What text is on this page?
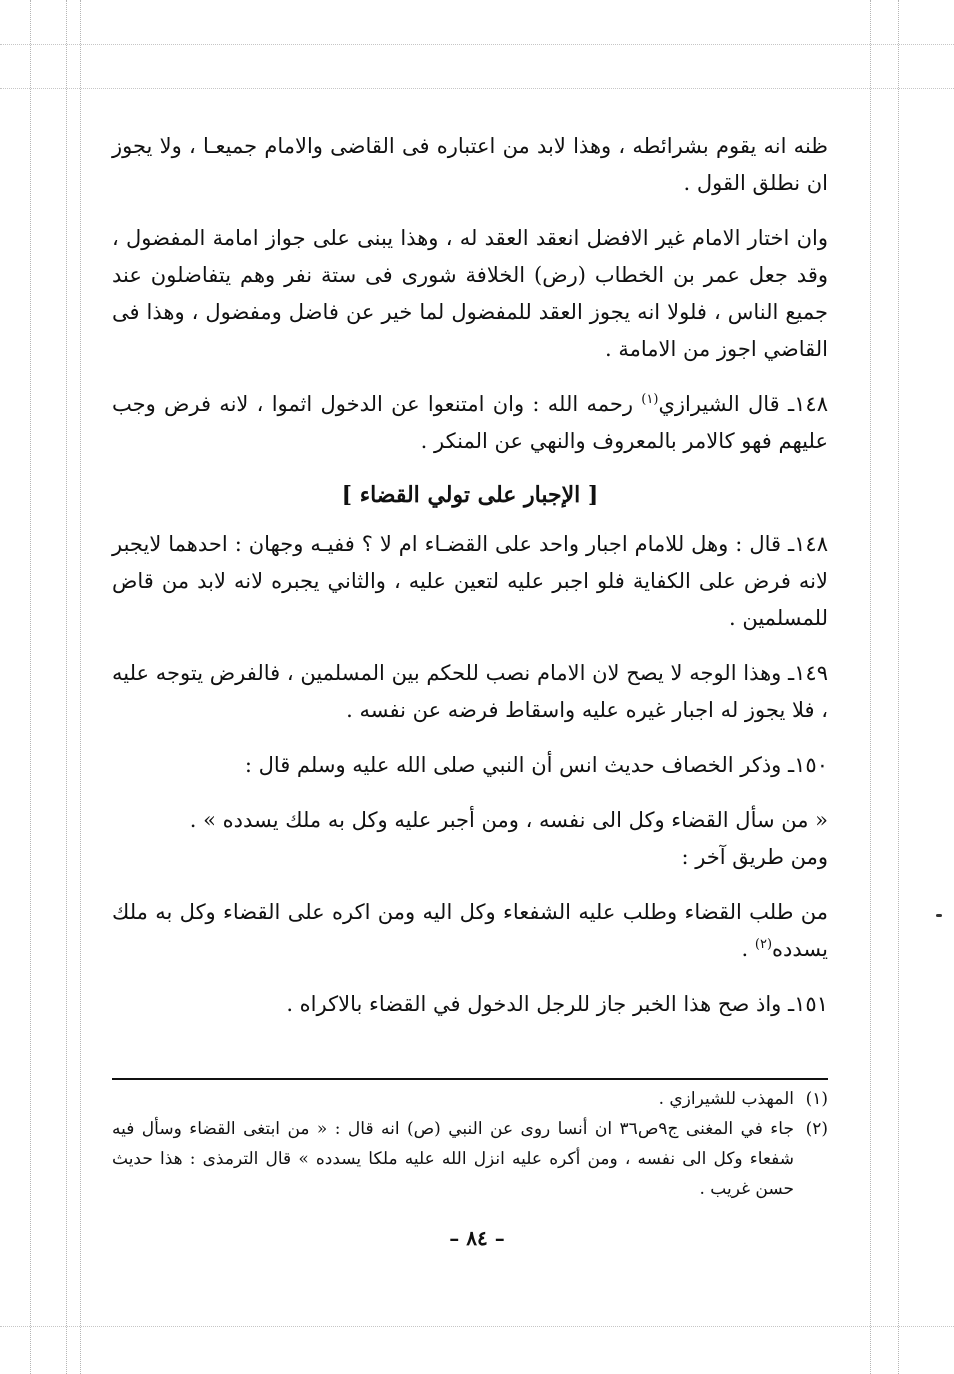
ظنه انه يقوم بشرائطه ، وهذا لابد من اعتباره فى القاضى والامام جميعـا ، ولا يجوز ان نطلق القول .

وان اختار الامام غير الافضل انعقد العقد له ، وهذا يبنى على جواز امامة المفضول ، وقد جعل عمر بن الخطاب (رض) الخلافة شورى فى ستة نفر وهم يتفاضلون عند جميع الناس ، فلولا انه يجوز العقد للمفضول لما خير عن فاضل ومفضول ، وهذا فى القاضي اجوز من الامامة .

١٤٨ـ قال الشيرازي$^{(١)}$ رحمه الله : وان امتنعوا عن الدخول اثموا ، لانه فرض وجب عليهم فهو كالامر بالمعروف والنهي عن المنكر .

[ الإجبار على تولي القضاء ]

١٤٨ـ قال : وهل للامام اجبار واحد على القضـاء ام لا ؟ ففيـه وجهان : احدهما لايجبر لانه فرض على الكفاية فلو اجبر عليه لتعين عليه ، والثاني يجبره لانه لابد من قاض للمسلمين .

١٤٩ـ وهذا الوجه لا يصح لان الامام نصب للحكم بين المسلمين ، فالفرض يتوجه عليه ، فلا يجوز له اجبار غيره عليه واسقاط فرضه عن نفسه .

١٥٠ـ وذكر الخصاف حديث انس أن النبي صلى الله عليه وسلم قال :

« من سأل القضاء وكل الى نفسه ، ومن أجبر عليه وكل به ملك يسدده » .

ومن طريق آخر :

من طلب القضاء وطلب عليه الشفعاء وكل اليه ومن اكره على القضاء وكل به ملك يسدده$^{(٢)}$ .

١٥١ـ واذ صح هذا الخبر جاز للرجل الدخول في القضاء بالاكراه .

(١)
المهذب للشيرازي .
(٢)
جاء في المغنى ج٩ص٣٦ ان أنسا روى عن النبي (ص) انه قال : « من ابتغى القضاء وسأل فيه شفعاء وكل الى نفسه ، ومن أكره عليه انزل الله عليه ملكا يسدده » قال الترمذى : هذا حديث حسن غريب .
– ٨٤ –
